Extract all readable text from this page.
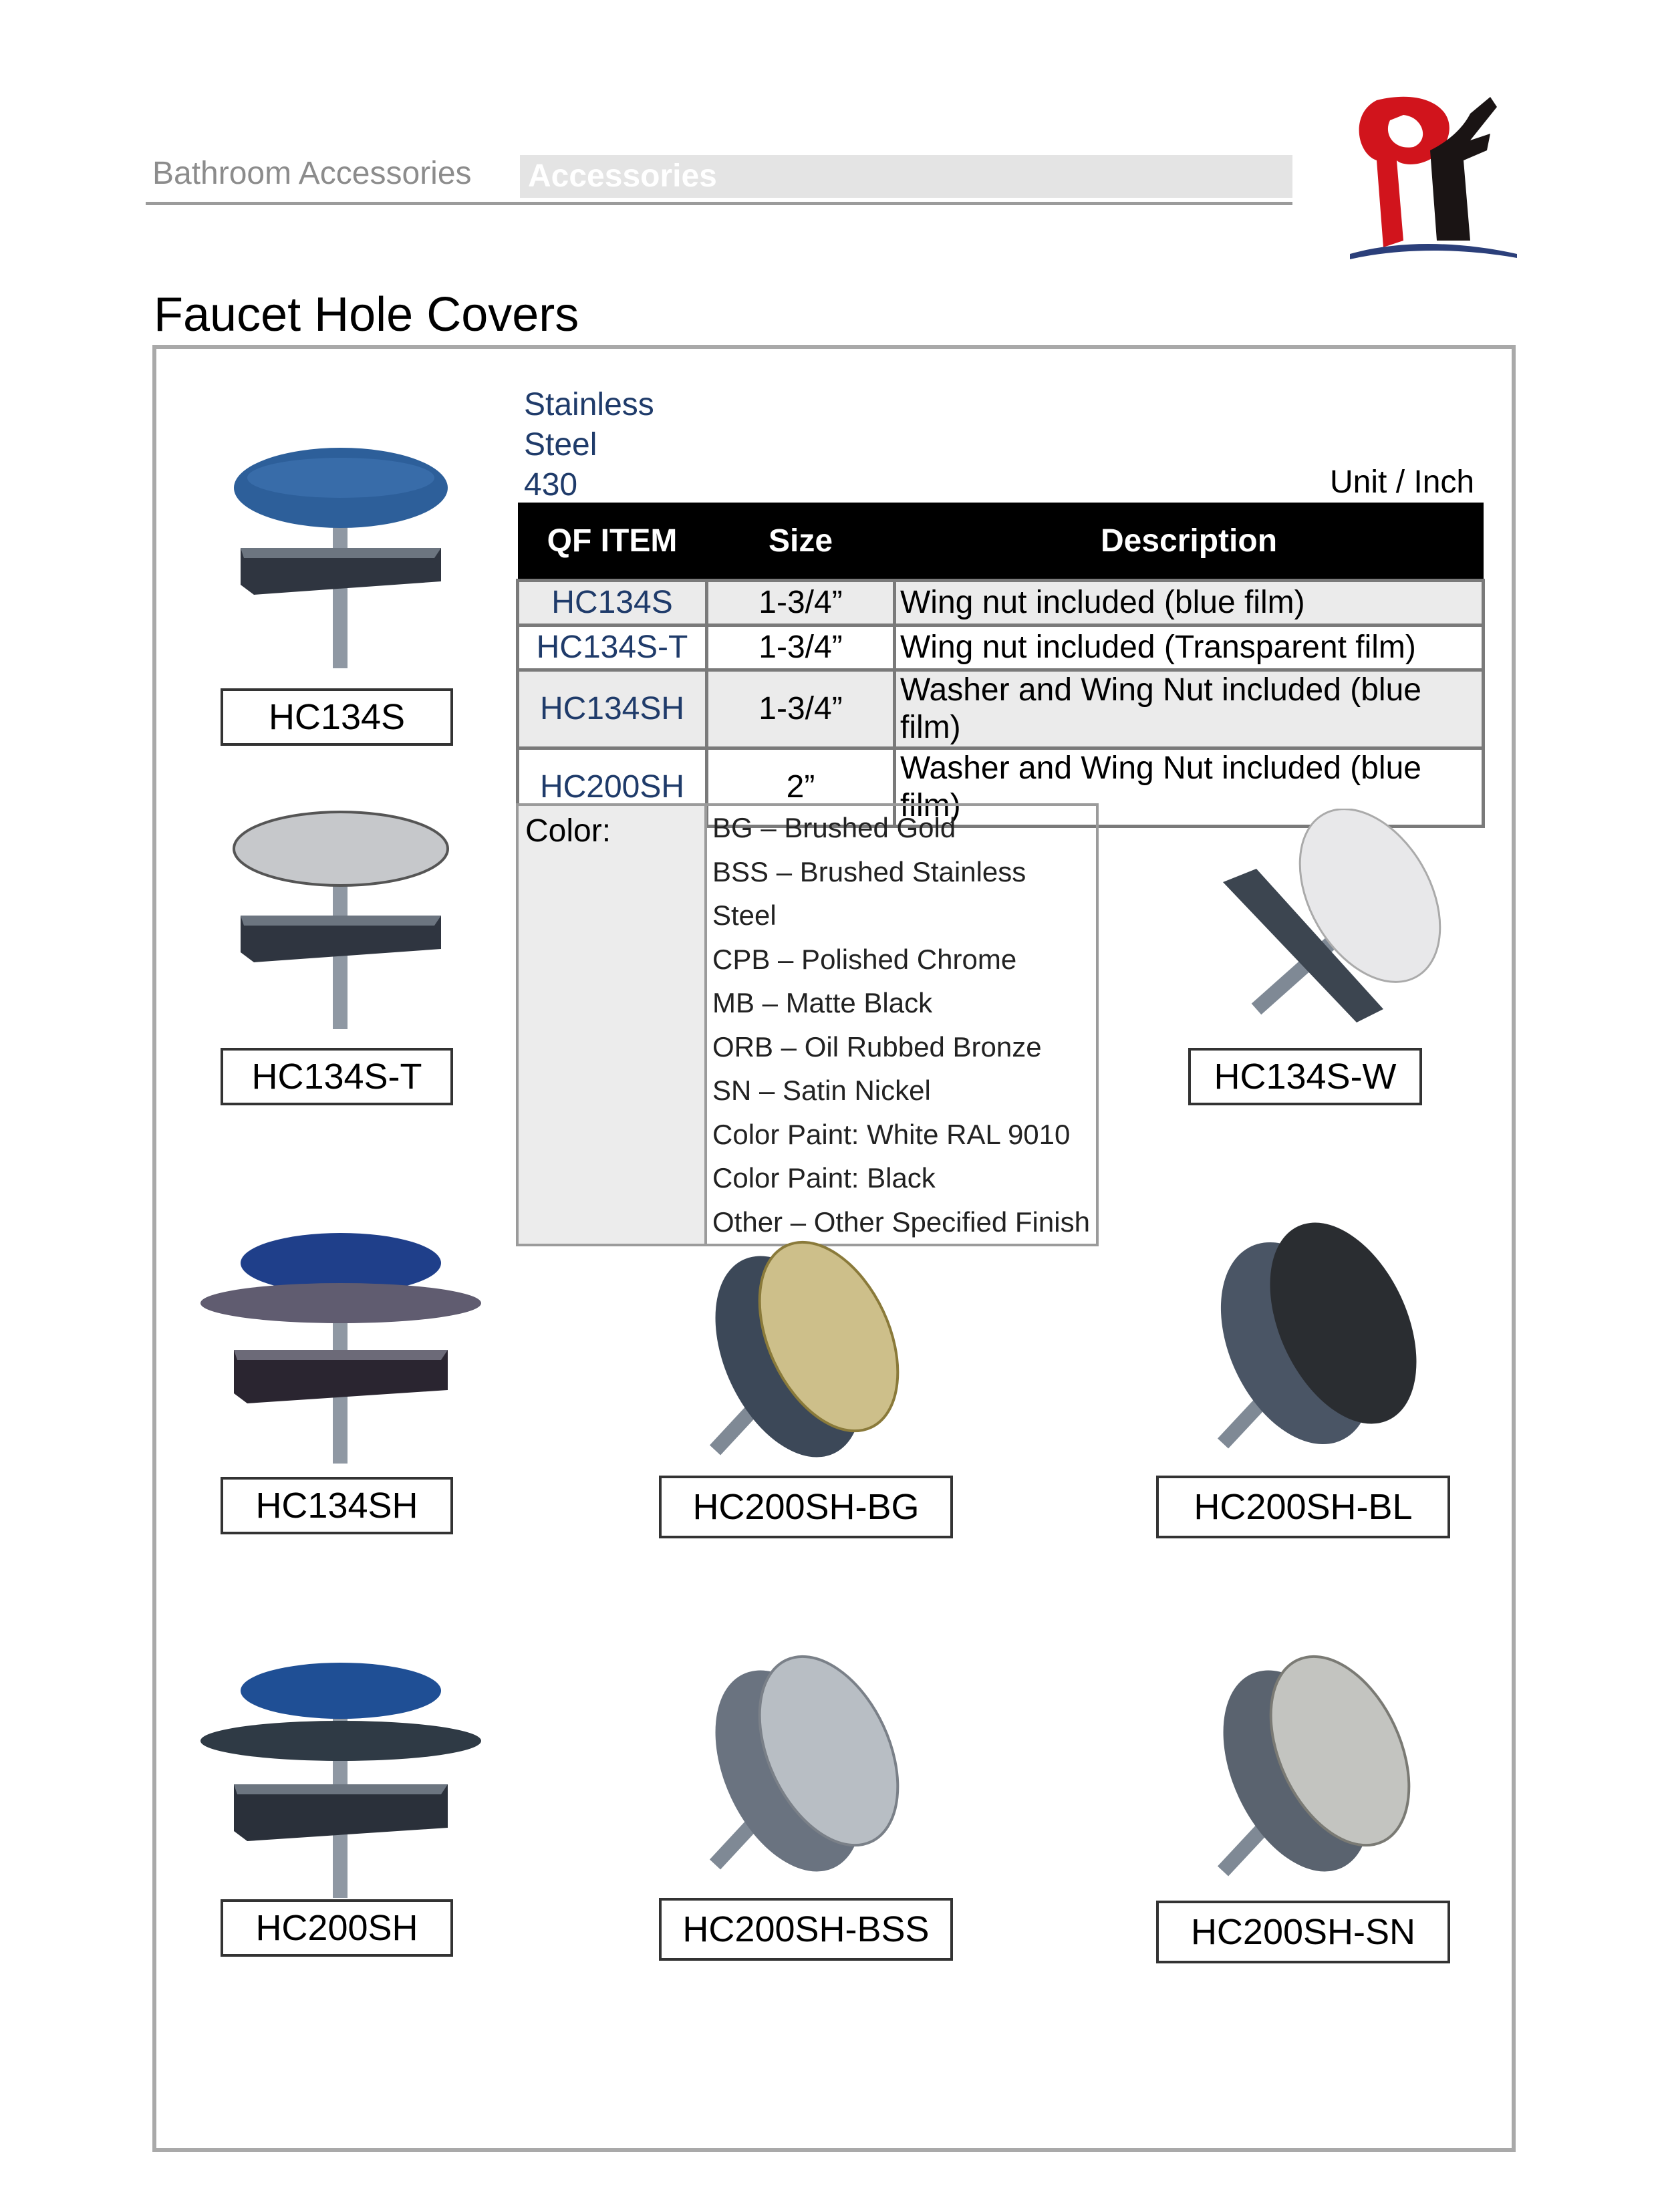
Bathroom Accessories Accessories
Faucet Hole Covers
Stainless
Steel
430	Unit / Inch
QF ITEM	Size	Description
HC134S	1-3/4”	Wing nut included (blue film)
HC134S-T	1-3/4”	Wing nut included (Transparent film)
HC134SH	1-3/4”	Washer and Wing Nut included (blue film)
HC200SH	2”	Washer and Wing Nut included (blue film)
Color:	BG – Brushed Gold
BSS – Brushed Stainless Steel
CPB – Polished Chrome
MB – Matte Black
ORB – Oil Rubbed Bronze
SN – Satin Nickel
Color Paint: White RAL 9010
Color Paint: Black
Other – Other Specified Finish
HC134S
HC134S-T	HC134S-W
HC134SH	HC200SH-BG	HC200SH-BL
HC200SH	HC200SH-BSS	HC200SH-SN
